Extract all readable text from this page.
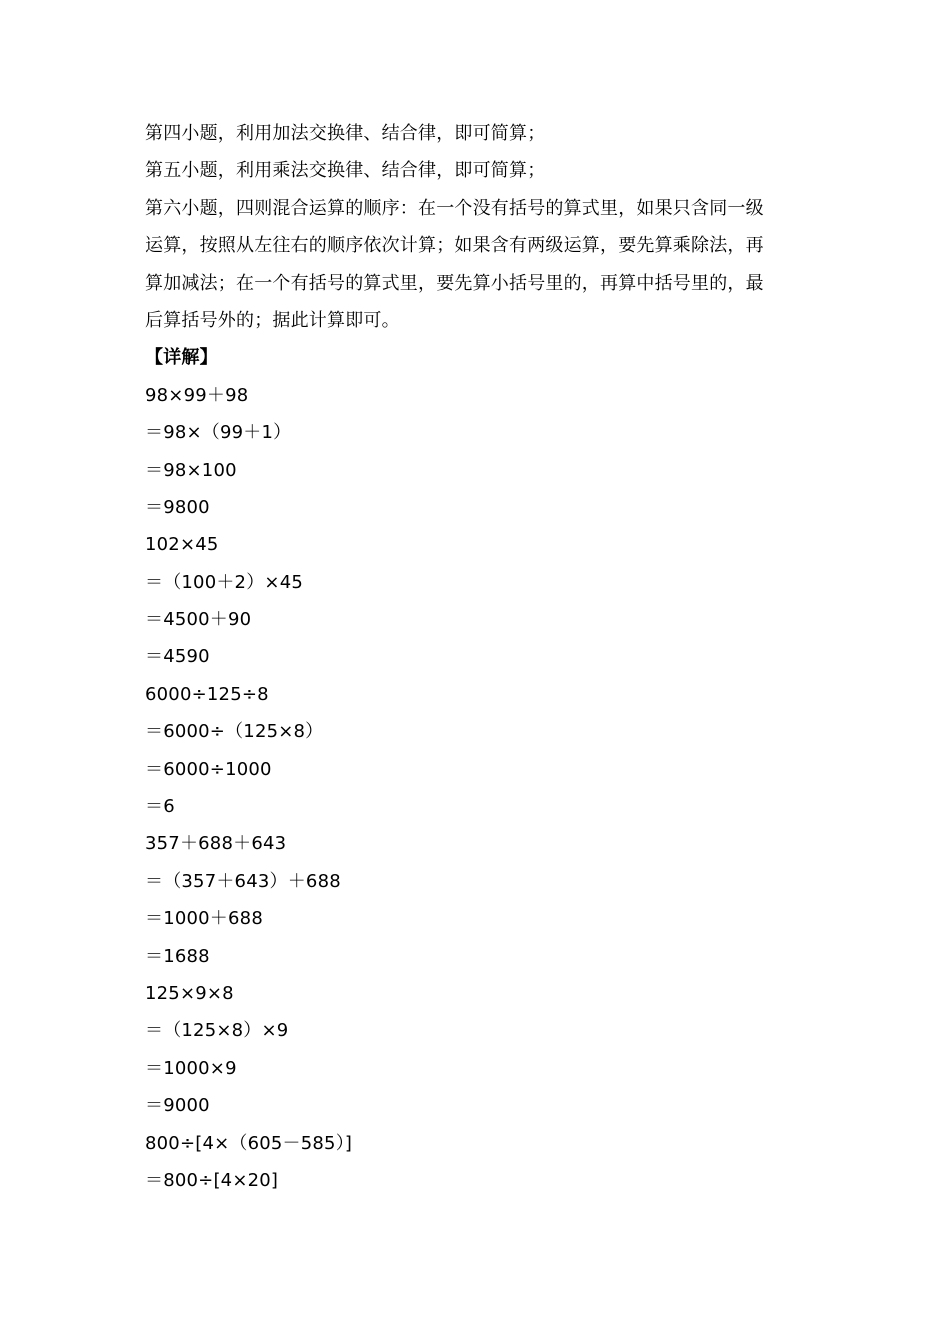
第四小题，利用加法交换律、结合律，即可简算；
第五小题，利用乘法交换律、结合律，即可简算；
第六小题，四则混合运算的顺序：在一个没有括号的算式里，如果只含同一级
运算，按照从左往右的顺序依次计算；如果含有两级运算，要先算乘除法，再
算加减法；在一个有括号的算式里，要先算小括号里的，再算中括号里的，最
后算括号外的；据此计算即可。
【详解】
98×99＋98
＝98×（99＋1）
＝98×100
＝9800
102×45
＝（100＋2）×45
＝4500＋90
＝4590
6000÷125÷8
＝6000÷（125×8）
＝6000÷1000
＝6
357＋688＋643
＝（357＋643）＋688
＝1000＋688
＝1688
125×9×8
＝（125×8）×9
＝1000×9
＝9000
800÷[4×（605－585）]
＝800÷[4×20]
